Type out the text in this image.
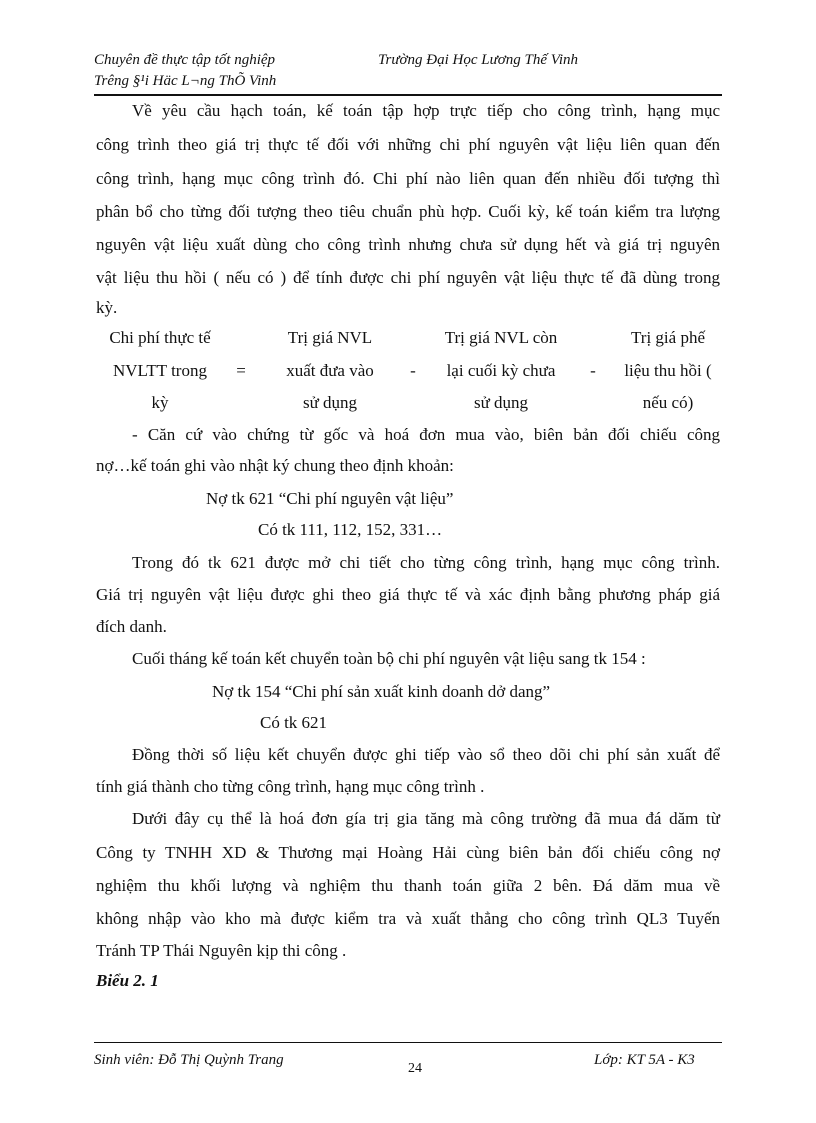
Chuyên đề thực tập tốt nghiệp
Trêng §¹i Häc L¬ng ThÕ Vinh
Trường Đại Học Lương Thế Vinh
Về yêu cầu hạch toán, kế toán tập hợp trực tiếp cho công trình, hạng mục
công trình theo giá trị thực tế đối với những chi phí nguyên vật liệu liên quan đến
công trình, hạng mục công trình đó. Chi phí nào liên quan đến nhiều đối tượng thì
phân bổ cho từng đối tượng theo tiêu chuẩn phù hợp. Cuối kỳ, kế toán kiểm tra lượng
nguyên vật liệu xuất dùng cho công trình nhưng chưa sử dụng hết và giá trị nguyên
vật liệu thu hồi ( nếu có ) để tính được chi phí nguyên vật liệu thực tế đã dùng trong
kỳ.
Chi phí thực tế
NVLTT trong
kỳ
=
Trị giá NVL
xuất đưa vào
sử dụng
-
Trị giá NVL còn
lại cuối kỳ chưa
sử dụng
-
Trị giá phế
liệu thu hồi (
nếu có)
- Căn cứ vào chứng từ gốc và hoá đơn mua vào, biên bản đối chiếu công
nợ…kế toán ghi vào nhật ký chung theo định khoản:
Nợ tk 621 “Chi phí nguyên vật liệu”
Có tk 111, 112, 152, 331…
Trong đó tk 621 được mở chi tiết cho từng công trình, hạng mục công trình.
Giá trị nguyên vật liệu được ghi theo giá thực tế và xác định bằng phương pháp giá
đích danh.
Cuối tháng kế toán kết chuyển toàn bộ chi phí nguyên vật liệu sang tk 154 :
Nợ tk 154 “Chi phí sản xuất kinh doanh dở dang”
Có tk 621
Đồng thời số liệu kết chuyển được ghi tiếp vào sổ theo dõi chi phí sản xuất để
tính giá thành cho từng công trình, hạng mục công trình .
Dưới đây cụ thể là hoá đơn gía trị gia tăng mà công trường đã mua đá dăm từ
Công ty TNHH XD & Thương mại Hoàng Hải cùng biên bản đối chiếu công nợ
nghiệm thu khối lượng và nghiệm thu thanh toán giữa 2 bên. Đá dăm mua về
không nhập vào kho mà được kiểm tra và xuất thẳng cho công trình QL3 Tuyến
Tránh TP Thái Nguyên kịp thi công .
Biểu 2. 1
Sinh viên: Đỗ Thị Quỳnh Trang
24
Lớp: KT 5A - K3
